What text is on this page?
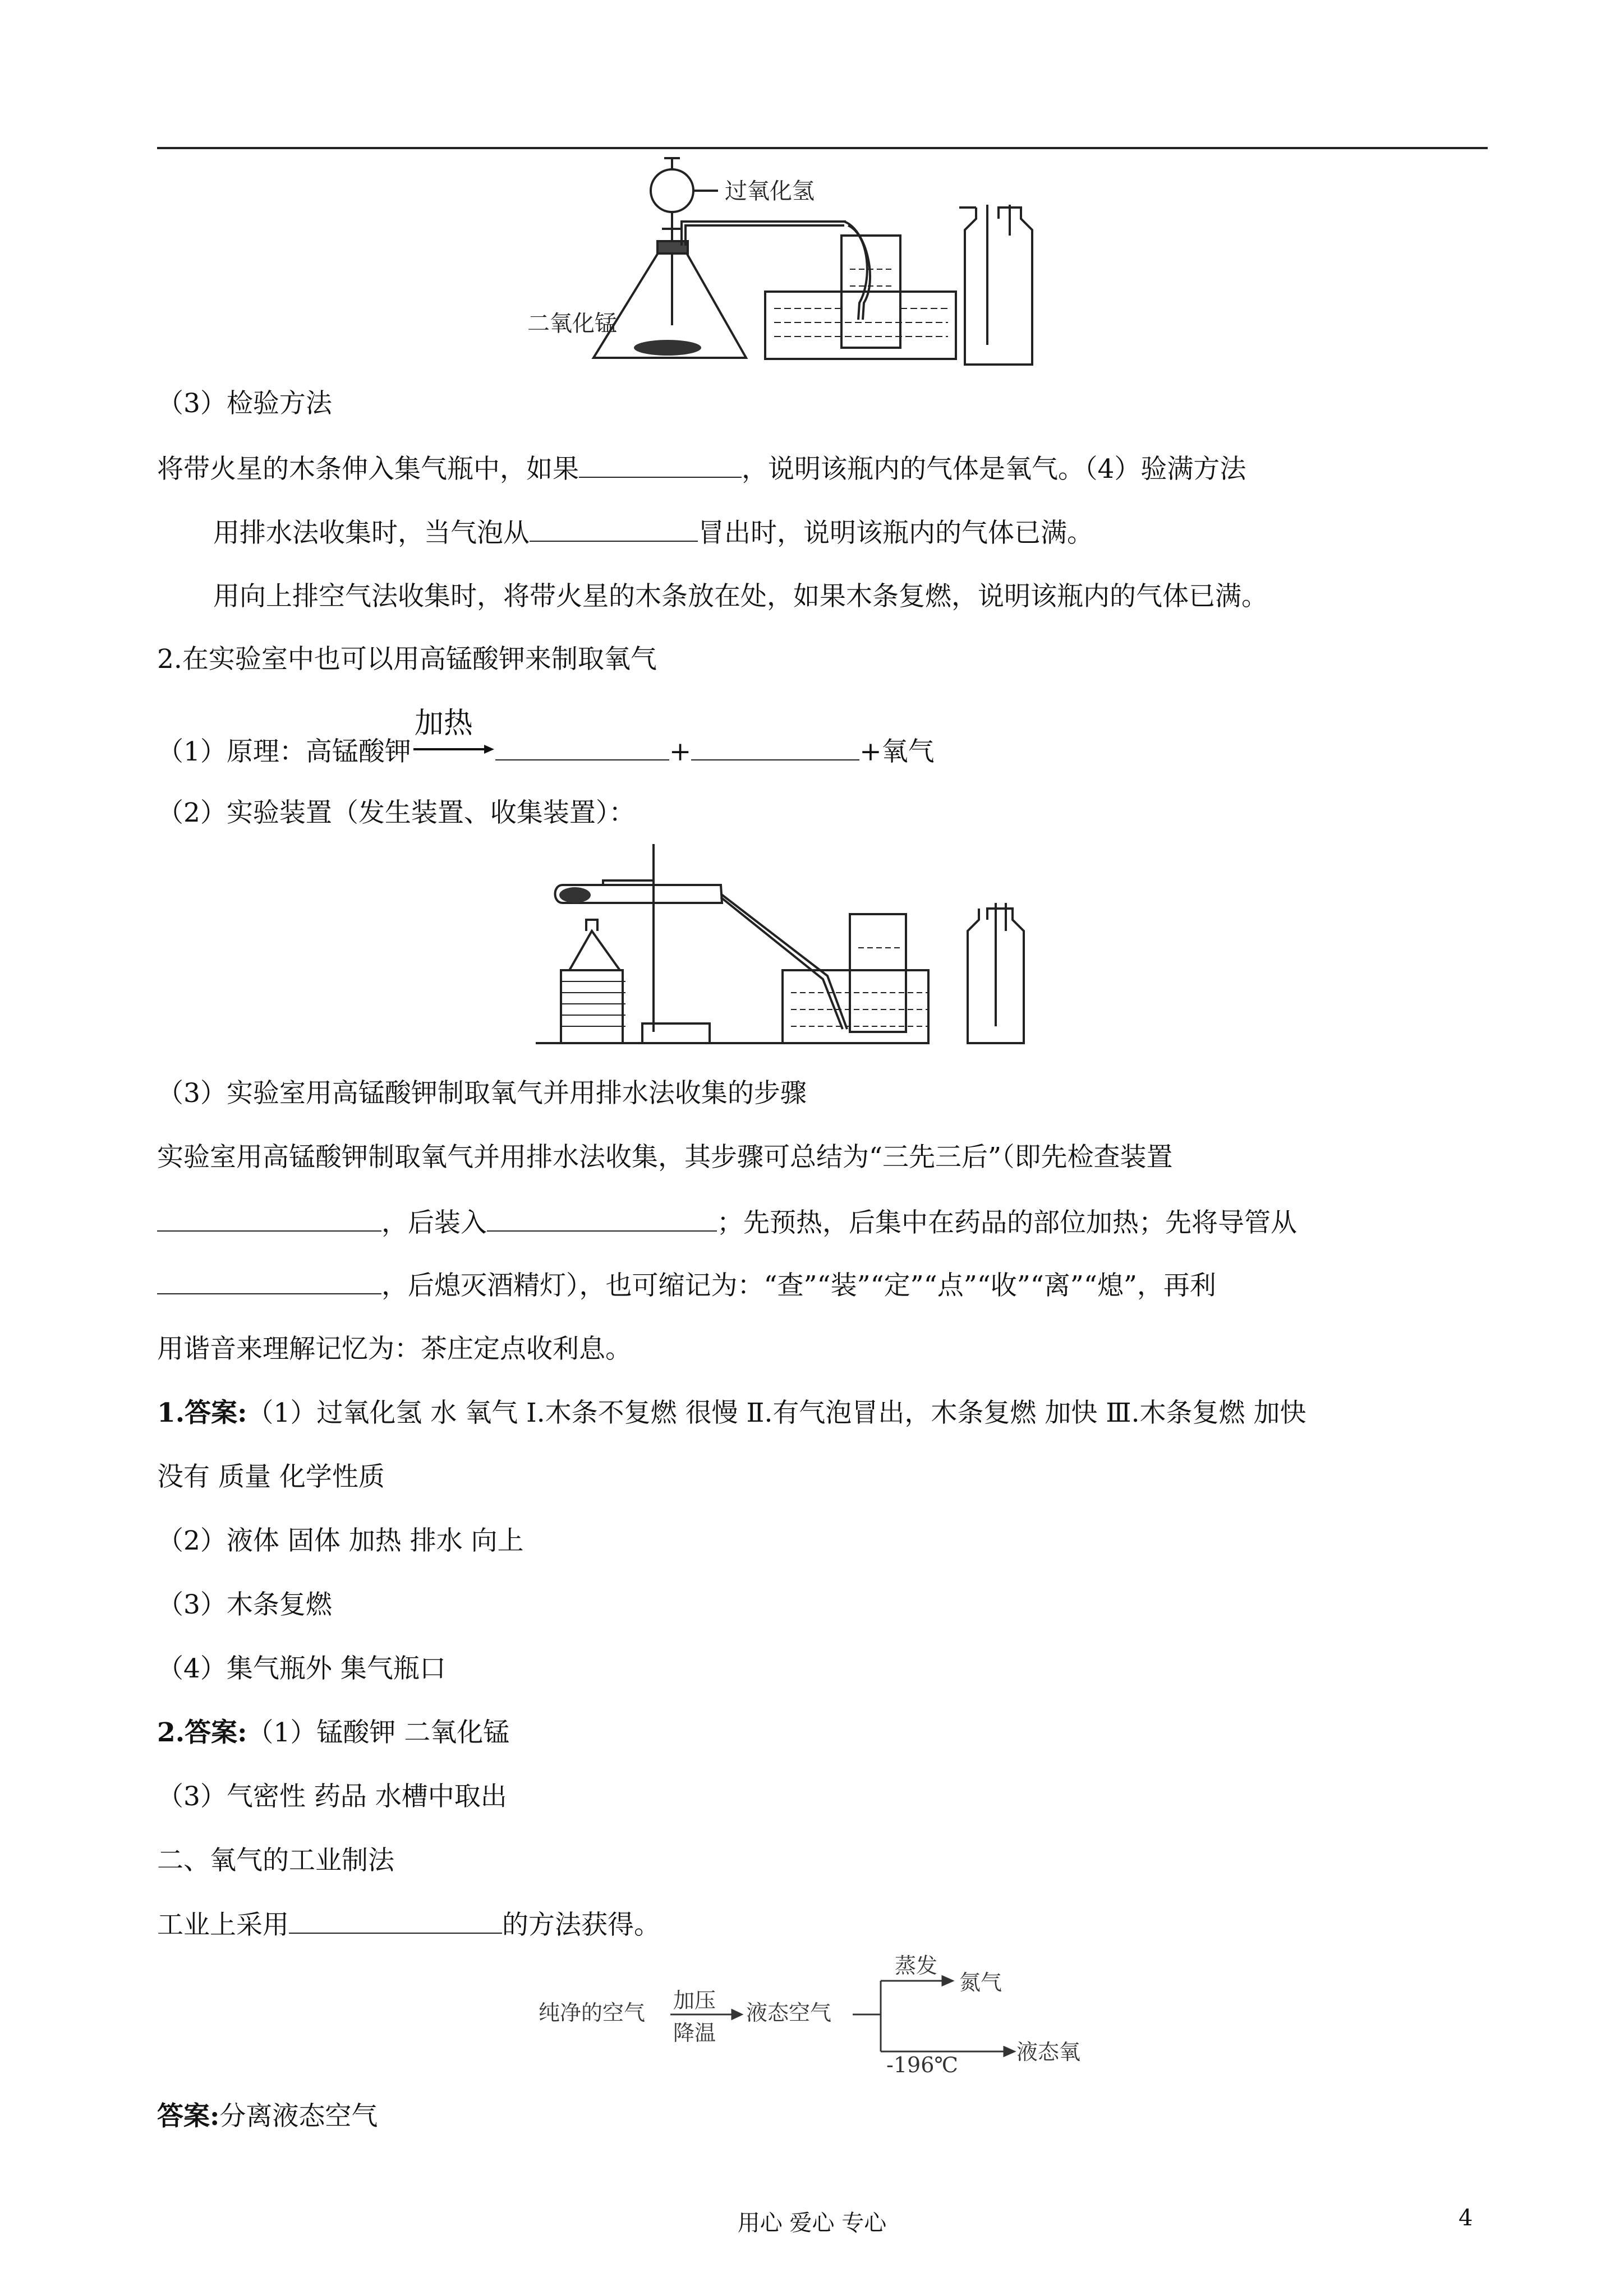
过氧化氢
二氧化锰
（3）检验方法
将带火星的木条伸入集气瓶中，如果	，说明该瓶内的气体是氧气。（4）验满方法
用排水法收集时，当气泡从	冒出时，说明该瓶内的气体已满。
用向上排空气法收集时，将带火星的木条放在处，如果木条复燃，说明该瓶内的气体已满。
2.在实验室中也可以用高锰酸钾来制取氧气
（1）原理：高锰酸钾
加热
+	+氧气
（2）实验装置（发生装置、收集装置）：
（3）实验室用高锰酸钾制取氧气并用排水法收集的步骤
实验室用高锰酸钾制取氧气并用排水法收集，其步骤可总结为“三先三后”（即先检查装置
，后装入	；先预热，后集中在药品的部位加热；先将导管从
，后熄灭酒精灯），也可缩记为：“查”“装”“定”“点”“收”“离”“熄”，再利
用谐音来理解记忆为：茶庄定点收利息。
1.答案:（1）过氧化氢 水 氧气 Ⅰ.木条不复燃 很慢 Ⅱ.有气泡冒出，木条复燃 加快 Ⅲ.木条复燃 加快
没有 质量 化学性质
（2）液体 固体 加热 排水 向上
（3）木条复燃
（4）集气瓶外 集气瓶口
2.答案:（1）锰酸钾 二氧化锰
（3）气密性 药品 水槽中取出
二、氧气的工业制法
工业上采用	的方法获得。
纯净的空气 加压
降温
液态空气
蒸发
氮气
-196℃
液态氧
答案:分离液态空气
用心 爱心 专心	4
